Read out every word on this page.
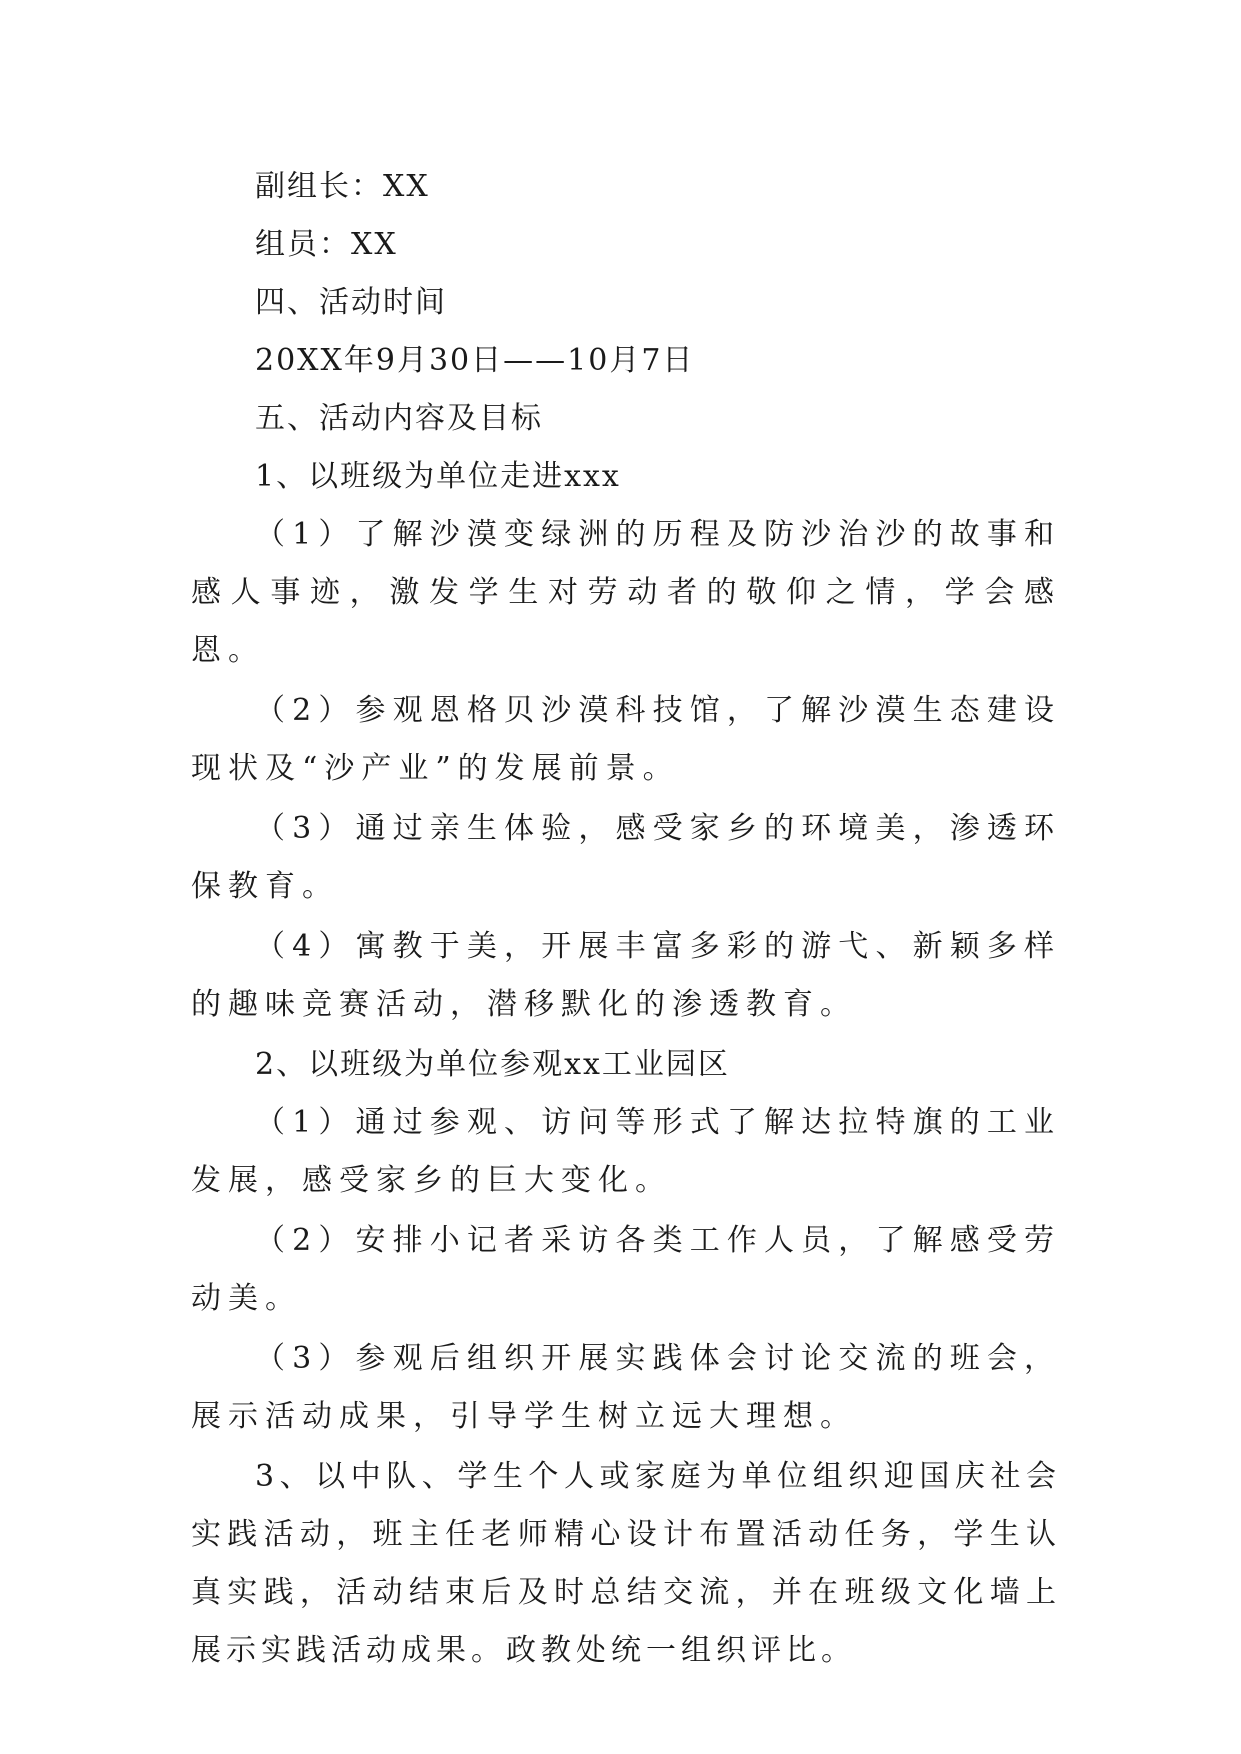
副组长：XX
组员：XX
四、活动时间
20XX年9月30日——10月7日
五、活动内容及目标
1、以班级为单位走进xxx
（1）了解沙漠变绿洲的历程及防沙治沙的故事和感人事迹，激发学生对劳动者的敬仰之情，学会感恩。
（2）参观恩格贝沙漠科技馆，了解沙漠生态建设现状及“沙产业”的发展前景。
（3）通过亲生体验，感受家乡的环境美，渗透环保教育。
（4）寓教于美，开展丰富多彩的游弋、新颖多样的趣味竞赛活动，潜移默化的渗透教育。
2、以班级为单位参观xx工业园区
（1）通过参观、访问等形式了解达拉特旗的工业发展，感受家乡的巨大变化。
（2）安排小记者采访各类工作人员，了解感受劳动美。
（3）参观后组织开展实践体会讨论交流的班会，展示活动成果，引导学生树立远大理想。
3、以中队、学生个人或家庭为单位组织迎国庆社会实践活动，班主任老师精心设计布置活动任务，学生认真实践，活动结束后及时总结交流，并在班级文化墙上展示实践活动成果。政教处统一组织评比。
